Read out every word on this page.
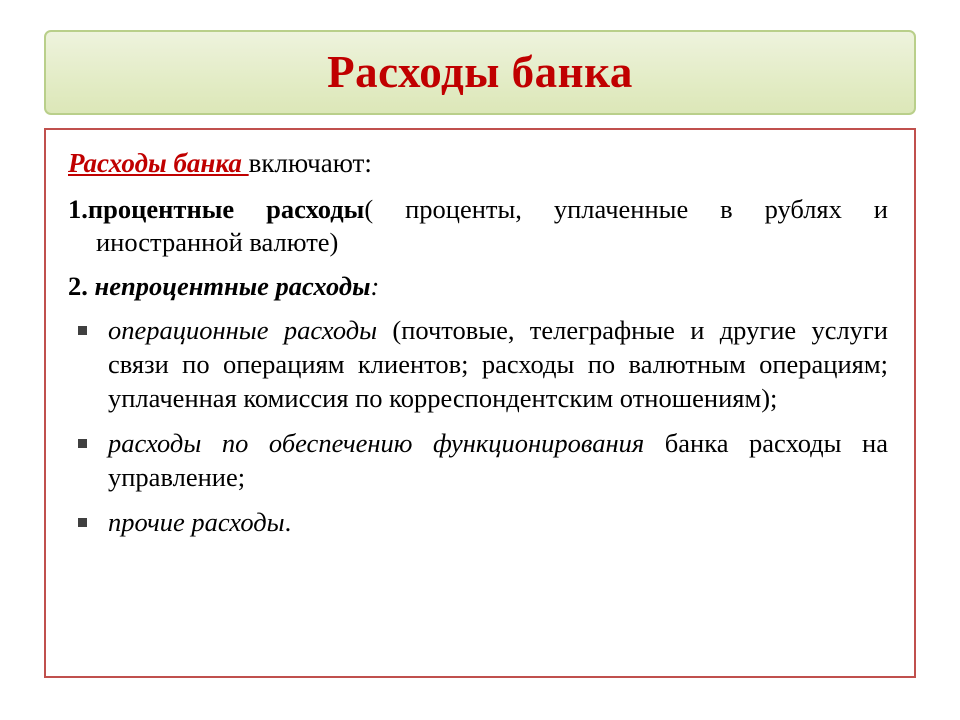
Расходы банка

Расходы банка включают:

1.процентные расходы( проценты, уплаченные в рублях и иностранной валюте)

2. непроцентные расходы:

операционные расходы (почтовые, телеграфные и другие услуги связи по операциям клиентов; расходы по валютным операциям; уплаченная комиссия по корреспондентским отношениям);

расходы по обеспечению функционирования банка расходы на управление;

прочие расходы.
